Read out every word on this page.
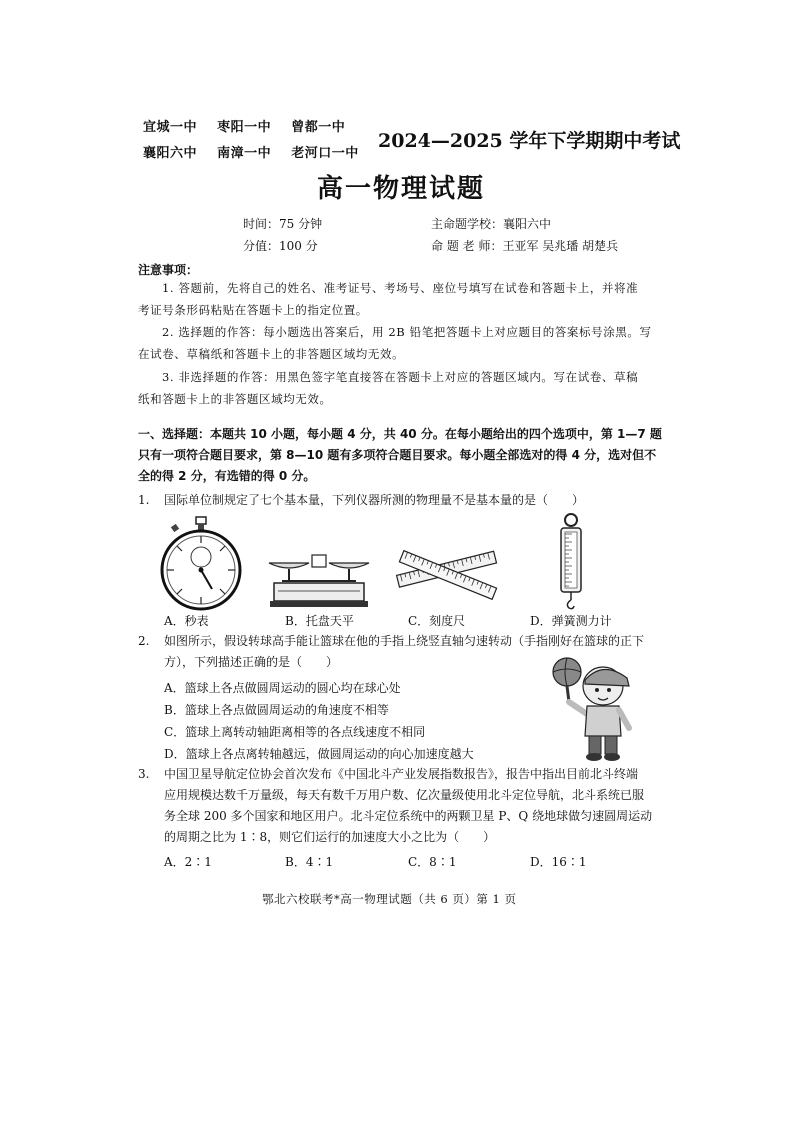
宜城一中 枣阳一中 曾都一中
襄阳六中 南漳一中 老河口一中
2024—2025 学年下学期期中考试
高一物理试题
时间：75 分钟	主命题学校：襄阳六中
分值：100 分	命 题 老 师：王亚军 吴兆璠 胡楚兵
注意事项：
1. 答题前，先将自己的姓名、准考证号、考场号、座位号填写在试卷和答题卡上，并将准
考证号条形码粘贴在答题卡上的指定位置。
2. 选择题的作答：每小题选出答案后，用 2B 铅笔把答题卡上对应题目的答案标号涂黑。写
在试卷、草稿纸和答题卡上的非答题区域均无效。
3. 非选择题的作答：用黑色签字笔直接答在答题卡上对应的答题区域内。写在试卷、草稿
纸和答题卡上的非答题区域均无效。
一、选择题：本题共 10 小题，每小题 4 分，共 40 分。在每小题给出的四个选项中，第 1—7 题
只有一项符合题目要求，第 8—10 题有多项符合题目要求。每小题全部选对的得 4 分，选对但不
全的得 2 分，有选错的得 0 分。
1. 国际单位制规定了七个基本量，下列仪器所测的物理量不是基本量的是（　　）
A．秒表	B．托盘天平	C．刻度尺	D．弹簧测力计
2. 如图所示，假设转球高手能让篮球在他的手指上绕竖直轴匀速转动（手指刚好在篮球的正下
方），下列描述正确的是（　　）
A．篮球上各点做圆周运动的圆心均在球心处
B．篮球上各点做圆周运动的角速度不相等
C．篮球上离转动轴距离相等的各点线速度不相同
D．篮球上各点离转轴越远，做圆周运动的向心加速度越大
3. 中国卫星导航定位协会首次发布《中国北斗产业发展指数报告》，报告中指出目前北斗终端
应用规模达数千万量级，每天有数千万用户数、亿次量级使用北斗定位导航，北斗系统已服
务全球 200 多个国家和地区用户。北斗定位系统中的两颗卫星 P、Q 绕地球做匀速圆周运动
的周期之比为 1∶8，则它们运行的加速度大小之比为（　　）
A．2∶1	B．4∶1	C．8∶1	D．16∶1
鄂北六校联考*高一物理试题（共 6 页）第 1 页
